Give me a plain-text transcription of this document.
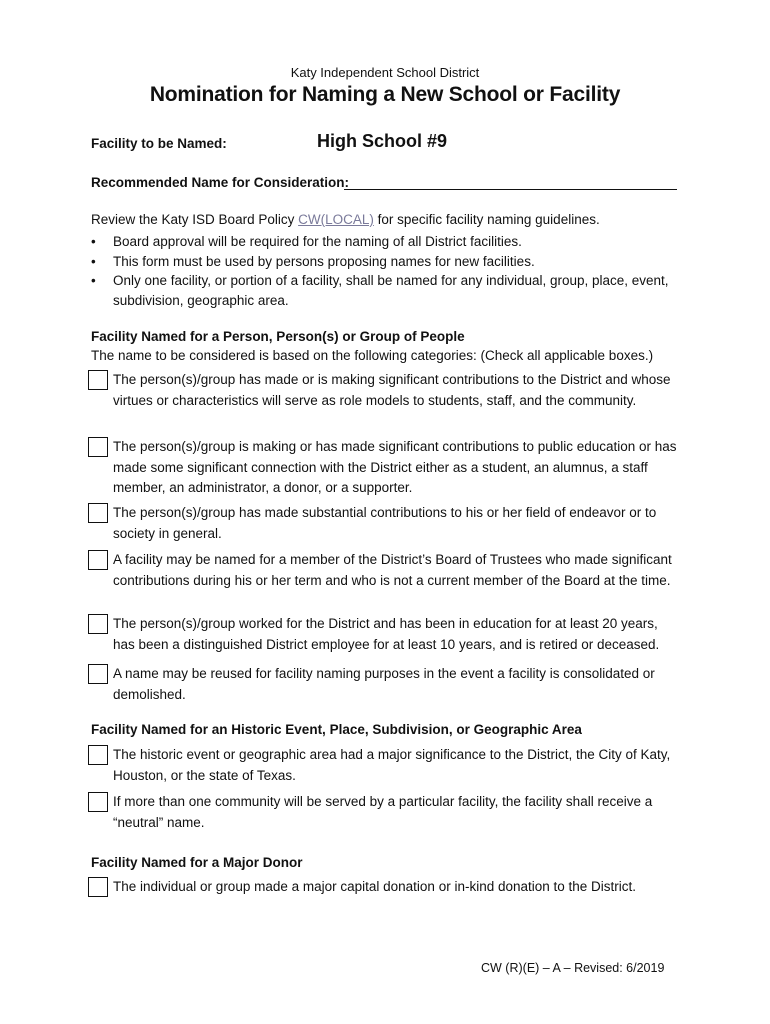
Katy Independent School District
Nomination for Naming a New School or Facility
Facility to be Named:	High School #9
Recommended Name for Consideration:
Review the Katy ISD Board Policy CW(LOCAL) for specific facility naming guidelines.
• Board approval will be required for the naming of all District facilities.
• This form must be used by persons proposing names for new facilities.
• Only one facility, or portion of a facility, shall be named for any individual, group, place, event, subdivision, geographic area.
Facility Named for a Person, Person(s) or Group of People
The name to be considered is based on the following categories: (Check all applicable boxes.)
The person(s)/group has made or is making significant contributions to the District and whose virtues or characteristics will serve as role models to students, staff, and the community.
The person(s)/group is making or has made significant contributions to public education or has made some significant connection with the District either as a student, an alumnus, a staff member, an administrator, a donor, or a supporter.
The person(s)/group has made substantial contributions to his or her field of endeavor or to society in general.
A facility may be named for a member of the District’s Board of Trustees who made significant contributions during his or her term and who is not a current member of the Board at the time.
The person(s)/group worked for the District and has been in education for at least 20 years, has been a distinguished District employee for at least 10 years, and is retired or deceased.
A name may be reused for facility naming purposes in the event a facility is consolidated or demolished.
Facility Named for an Historic Event, Place, Subdivision, or Geographic Area
The historic event or geographic area had a major significance to the District, the City of Katy, Houston, or the state of Texas.
If more than one community will be served by a particular facility, the facility shall receive a “neutral” name.
Facility Named for a Major Donor
The individual or group made a major capital donation or in-kind donation to the District.
CW (R)(E) – A – Revised: 6/2019
